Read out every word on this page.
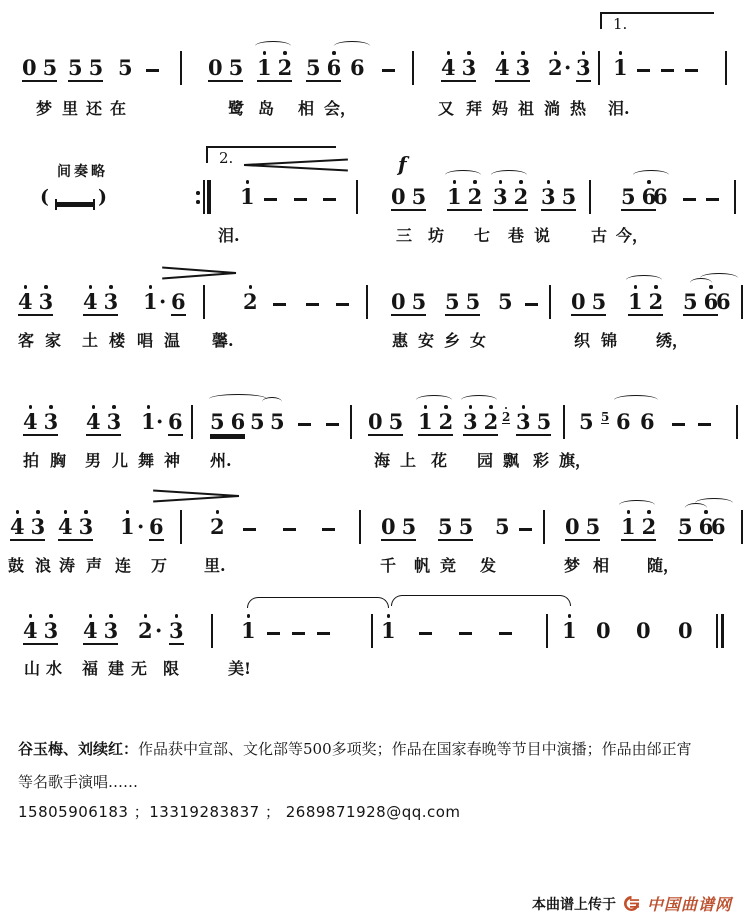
0 5 5 5 5	0 5 1 2 5 6 6	4 3 4 3 2 · 3 1
1.
梦 里 还 在	鹭 岛 相 会，	又 拜 妈 祖 淌 热 泪.
间奏略
(	)
2.
1
f
0 5 1 2 3 2 3 5 5 6
6
泪.	三 坊 七 巷 说	古 今，
4 3 4 3 1 · 6	2	0 5 5 5 5	0 5 1 2 5 6
6
客 家 土 楼 唱 温 馨.	惠 安 乡 女	织 锦 绣，
4 3 4 3 1 · 6 5 6 5 5	0 5 1 2 3 2 2 3 5 5 5 6 6
拍 胸 男 儿 舞 神 州.	海 上 花 园 飘 彩 旗，
4 3 4 3 1 · 6 2	0 5 5 5 5	0 5 1 2 5 6
6
鼓 浪 涛 声 连 万 里.	千 帆 竞 发	梦 相 随，
4 3 4 3 2 · 3	1	1	1 0 0 0
山 水 福 建 无 限	美!
谷玉梅、刘续红：作品获中宣部、文化部等500多项奖；作品在国家春晚等节目中演播；作品由邰正宵
等名歌手演唱……
15805906183 ；13319283837 ； 2689871928@qq.com
本曲谱上传于 中国曲谱网
